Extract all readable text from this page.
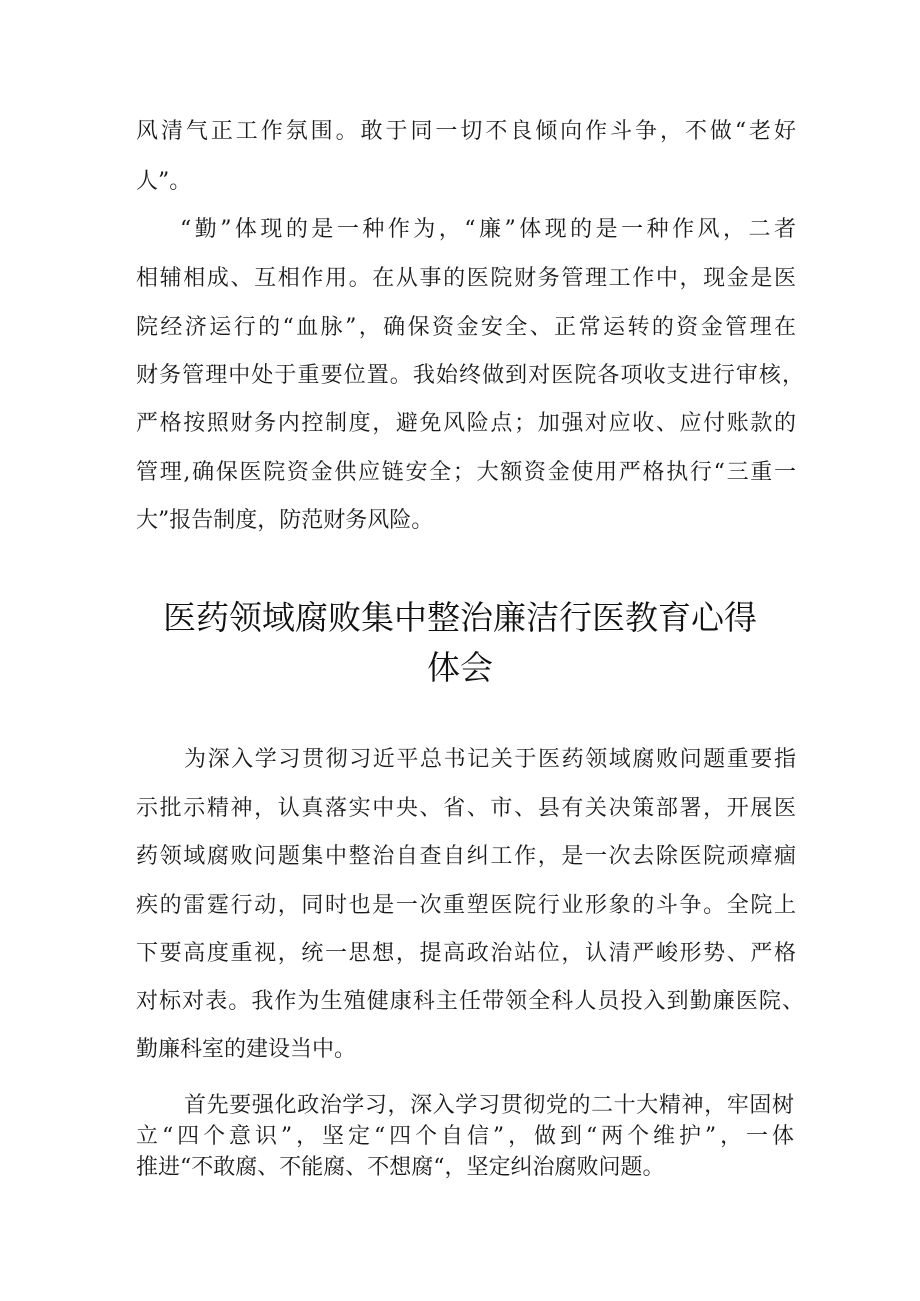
风清气正工作氛围。敢于同一切不良倾向作斗争，不做“老好
人”。
“勤”体现的是一种作为，“廉”体现的是一种作风，二者
相辅相成、互相作用。在从事的医院财务管理工作中，现金是医
院经济运行的“血脉”，确保资金安全、正常运转的资金管理在
财务管理中处于重要位置。我始终做到对医院各项收支进行审核，
严格按照财务内控制度，避免风险点；加强对应收、应付账款的
管理,确保医院资金供应链安全；大额资金使用严格执行“三重一
大”报告制度，防范财务风险。
医药领域腐败集中整治廉洁行医教育心得
体会
为深入学习贯彻习近平总书记关于医药领域腐败问题重要指
示批示精神，认真落实中央、省、市、县有关决策部署，开展医
药领域腐败问题集中整治自查自纠工作，是一次去除医院顽瘴痼
疾的雷霆行动，同时也是一次重塑医院行业形象的斗争。全院上
下要高度重视，统一思想，提高政治站位，认清严峻形势、严格
对标对表。我作为生殖健康科主任带领全科人员投入到勤廉医院、
勤廉科室的建设当中。
首先要强化政治学习，深入学习贯彻党的二十大精神，牢固树
立“四个意识”，坚定“四个自信”，做到“两个维护”，一体
推进“不敢腐、不能腐、不想腐“，坚定纠治腐败问题。
